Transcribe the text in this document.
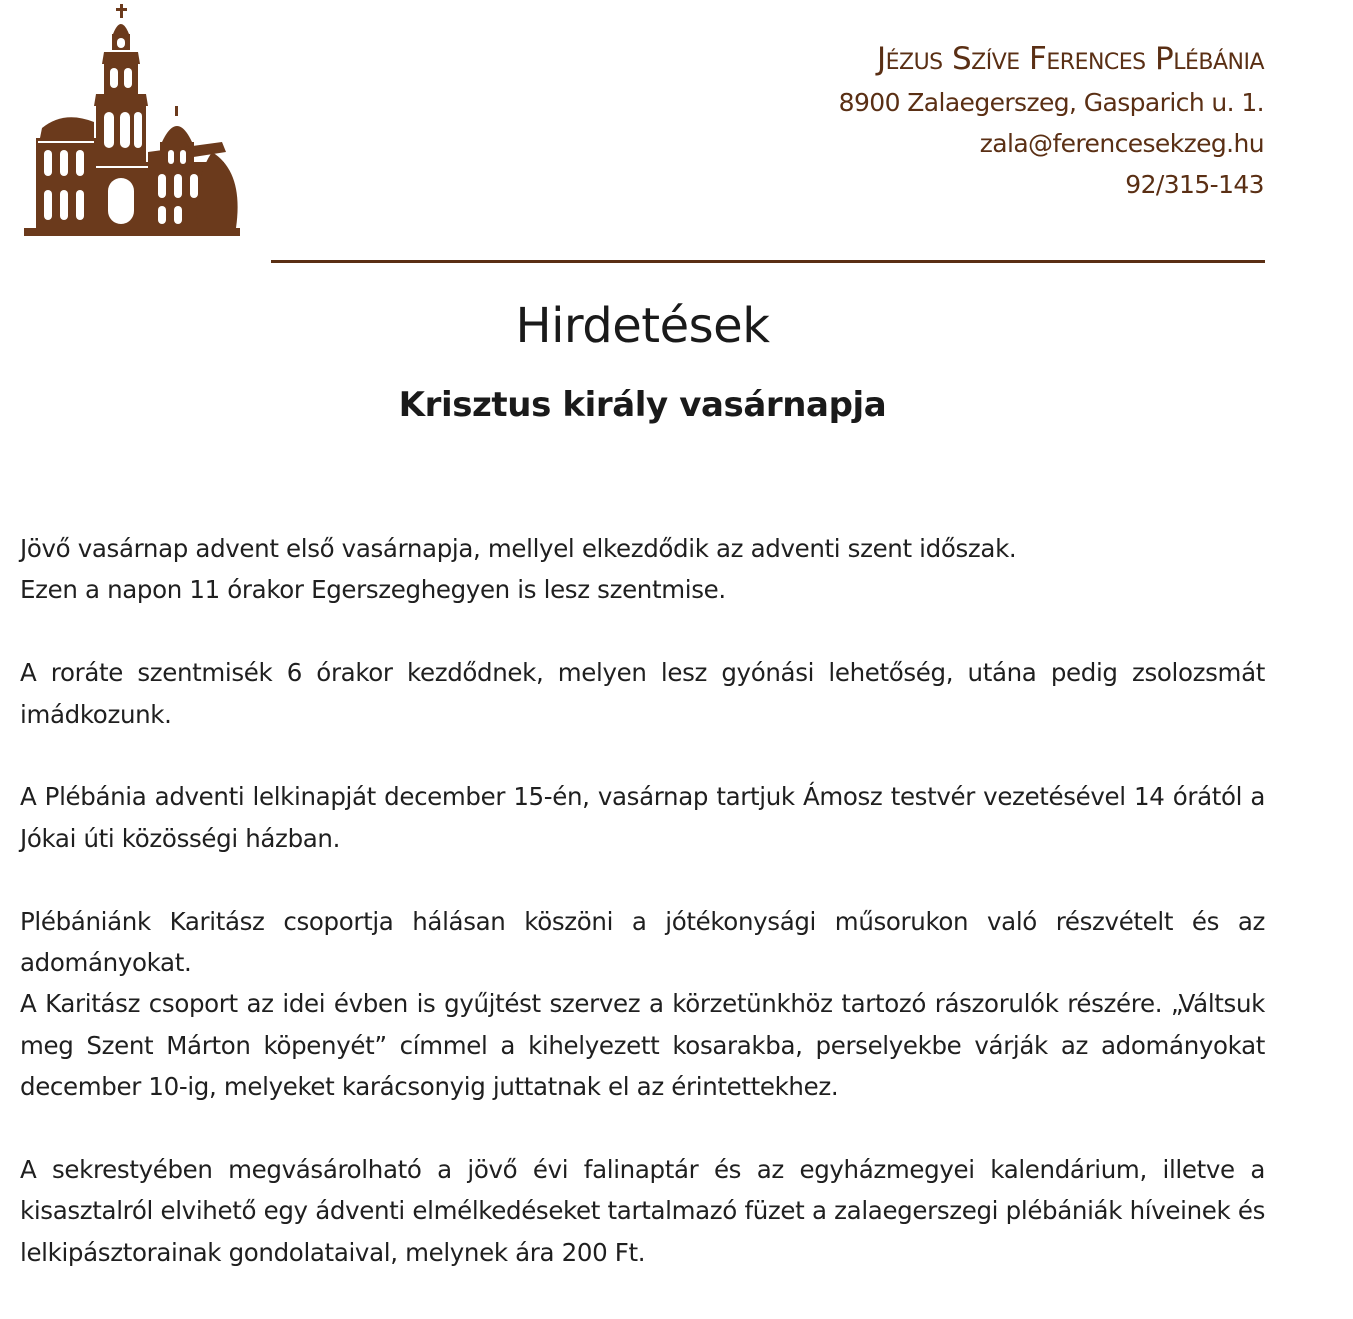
Jézus Szíve Ferences Plébánia
8900 Zalaegerszeg, Gasparich u. 1.
zala@ferencesekzeg.hu
92/315-143
Hirdetések
Krisztus király vasárnapja

Jövő vasárnap advent első vasárnapja, mellyel elkezdődik az adventi szent időszak.
Ezen a napon 11 órakor Egerszeghegyen is lesz szentmise.

A roráte szentmisék 6 órakor kezdődnek, melyen lesz gyónási lehetőség, utána pedig zsolozsmát imádkozunk.

A Plébánia adventi lelkinapját december 15-én, vasárnap tartjuk Ámosz testvér vezetésével 14 órától a Jókai úti közösségi házban.

Plébániánk Karitász csoportja hálásan köszöni a jótékonysági műsorukon való részvételt és az adományokat.

A Karitász csoport az idei évben is gyűjtést szervez a körzetünkhöz tartozó rászorulók részére. „Váltsuk meg Szent Márton köpenyét” címmel a kihelyezett kosarakba, perselyekbe várják az adományokat december 10-ig, melyeket karácsonyig juttatnak el az érintettekhez.

A sekrestyében megvásárolható a jövő évi falinaptár és az egyházmegyei kalendárium, illetve a kisasztalról elvihető egy ádventi elmélkedéseket tartalmazó füzet a zalaegerszegi plébániák híveinek és lelkipásztorainak gondolataival, melynek ára 200 Ft.
